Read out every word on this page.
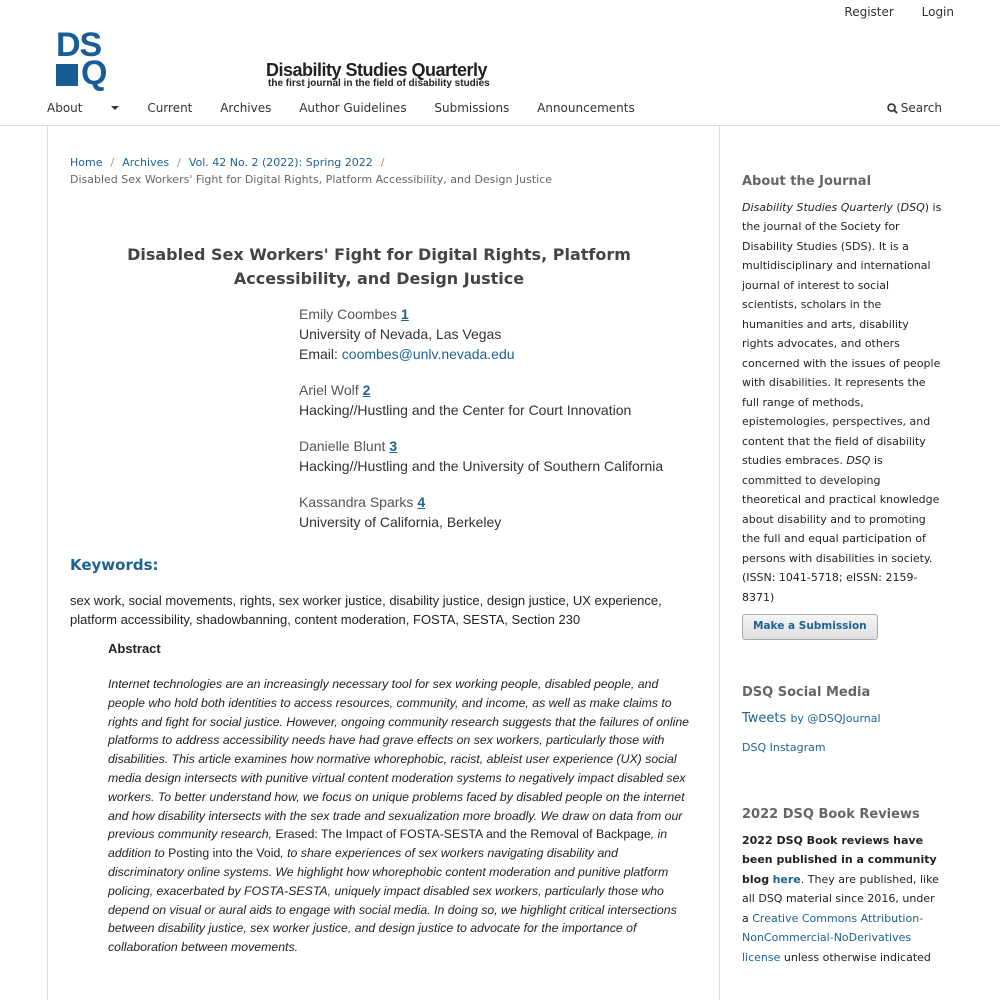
Register Login
DS
Q	Disability Studies Quarterly
the first journal in the field of disability studies
About	Current Archives Author Guidelines Submissions Announcements	Search
Home / Archives / Vol. 42 No. 2 (2022): Spring 2022 /
Disabled Sex Workers' Fight for Digital Rights, Platform Accessibility, and Design Justice
Disabled Sex Workers' Fight for Digital Rights, Platform Accessibility, and Design Justice
Emily Coombes 1
University of Nevada, Las Vegas
Email: coombes@unlv.nevada.edu
Ariel Wolf 2
Hacking//Hustling and the Center for Court Innovation
Danielle Blunt 3
Hacking//Hustling and the University of Southern California
Kassandra Sparks 4
University of California, Berkeley
Keywords:
sex work, social movements, rights, sex worker justice, disability justice, design justice, UX experience, platform accessibility, shadowbanning, content moderation, FOSTA, SESTA, Section 230
Abstract
Internet technologies are an increasingly necessary tool for sex working people, disabled people, and people who hold both identities to access resources, community, and income, as well as make claims to rights and fight for social justice. However, ongoing community research suggests that the failures of online platforms to address accessibility needs have had grave effects on sex workers, particularly those with disabilities. This article examines how normative whorephobic, racist, ableist user experience (UX) social media design intersects with punitive virtual content moderation systems to negatively impact disabled sex workers. To better understand how, we focus on unique problems faced by disabled people on the internet and how disability intersects with the sex trade and sexualization more broadly. We draw on data from our previous community research, Erased: The Impact of FOSTA-SESTA and the Removal of Backpage, in addition to Posting into the Void, to share experiences of sex workers navigating disability and discriminatory online systems. We highlight how whorephobic content moderation and punitive platform policing, exacerbated by FOSTA-SESTA, uniquely impact disabled sex workers, particularly those who depend on visual or aural aids to engage with social media. In doing so, we highlight critical intersections between disability justice, sex worker justice, and design justice to advocate for the importance of collaboration between movements.
About the Journal
Disability Studies Quarterly (DSQ) is the journal of the Society for Disability Studies (SDS). It is a multidisciplinary and international journal of interest to social scientists, scholars in the humanities and arts, disability rights advocates, and others concerned with the issues of people with disabilities. It represents the full range of methods, epistemologies, perspectives, and content that the field of disability studies embraces. DSQ is committed to developing theoretical and practical knowledge about disability and to promoting the full and equal participation of persons with disabilities in society. (ISSN: 1041-5718; eISSN: 2159-8371)
Make a Submission
DSQ Social Media
Tweets by @DSQJournal
DSQ Instagram
2022 DSQ Book Reviews
2022 DSQ Book reviews have been published in a community blog here. They are published, like all DSQ material since 2016, under a Creative Commons Attribution-NonCommercial-NoDerivatives license unless otherwise indicated
